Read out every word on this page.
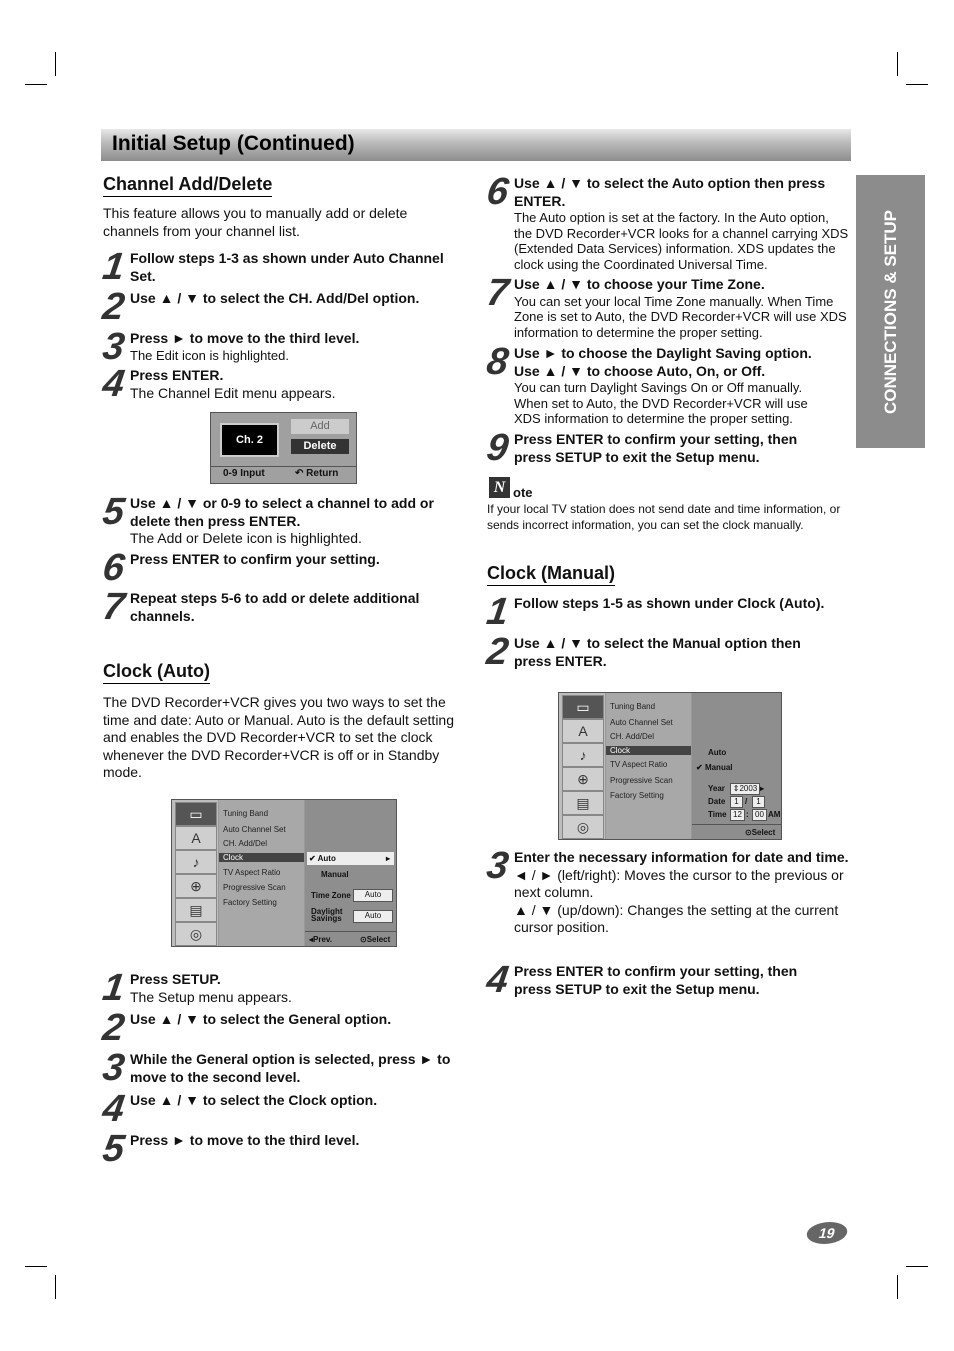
Initial Setup (Continued)
CONNECTIONS & SETUP
Channel Add/Delete
This feature allows you to manually add or delete channels from your channel list.
1 Follow steps 1-3 as shown under Auto Channel Set.
2 Use ▲ / ▼ to select the CH. Add/Del option.
3 Press ► to move to the third level.
The Edit icon is highlighted.
4 Press ENTER.
The Channel Edit menu appears.
Ch. 2
Add
Delete
0-9 Input	↶ Return
5 Use ▲ / ▼ or 0-9 to select a channel to add or delete then press ENTER.
The Add or Delete icon is highlighted.
6 Press ENTER to confirm your setting.
7 Repeat steps 5-6 to add or delete additional channels.
Clock (Auto)
The DVD Recorder+VCR gives you two ways to set the time and date: Auto or Manual. Auto is the default setting and enables the DVD Recorder+VCR to set the clock whenever the DVD Recorder+VCR is off or in Standby mode.
▭
A
♪
⊕
▤
◎
Tuning Band
Auto Channel Set
CH. Add/Del
Clock
TV Aspect Ratio
Progressive Scan
Factory Setting
✔ Auto	▸
Manual
Time Zone	Auto
Daylight Savings	Auto
◂Prev.	⊙Select
1 Press SETUP.
The Setup menu appears.
2 Use ▲ / ▼ to select the General option.
3 While the General option is selected, press ► to move to the second level.
4 Use ▲ / ▼ to select the Clock option.
5 Press ► to move to the third level.
6 Use ▲ / ▼ to select the Auto option then press ENTER.
The Auto option is set at the factory. In the Auto option, the DVD Recorder+VCR looks for a channel carrying XDS (Extended Data Services) information. XDS updates the clock using the Coordinated Universal Time.
7 Use ▲ / ▼ to choose your Time Zone.
You can set your local Time Zone manually. When Time Zone is set to Auto, the DVD Recorder+VCR will use XDS information to determine the proper setting.
8 Use ► to choose the Daylight Saving option. Use ▲ / ▼ to choose Auto, On, or Off.
You can turn Daylight Savings On or Off manually. When set to Auto, the DVD Recorder+VCR will use XDS information to determine the proper setting.
9 Press ENTER to confirm your setting, then press SETUP to exit the Setup menu.
N ote
If your local TV station does not send date and time information, or sends incorrect information, you can set the clock manually.
Clock (Manual)
1 Follow steps 1-5 as shown under Clock (Auto).
2 Use ▲ / ▼ to select the Manual option then press ENTER.
▭
A
♪
⊕
▤
◎
Tuning Band
Auto Channel Set
CH. Add/Del
Clock
TV Aspect Ratio
Progressive Scan
Factory Setting
Auto
✔ Manual
Year ⇕2003 ▸
Date	1 /	1
Time 12 : 00 AM
⊙Select
3 Enter the necessary information for date and time.
◄ / ► (left/right): Moves the cursor to the previous or next column.
▲ / ▼ (up/down): Changes the setting at the current cursor position.
4 Press ENTER to confirm your setting, then press SETUP to exit the Setup menu.
19
